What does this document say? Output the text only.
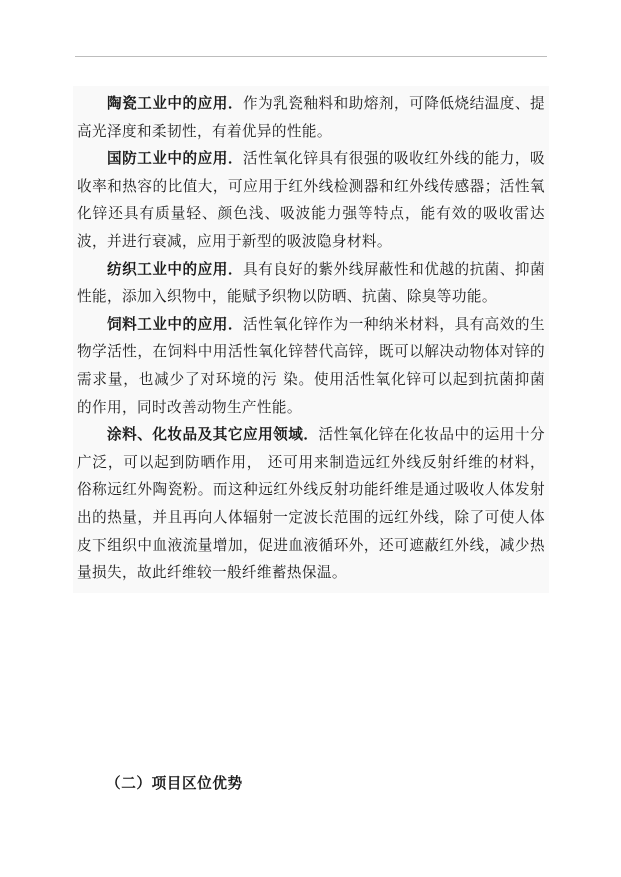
陶瓷工业中的应用．作为乳瓷釉料和助熔剂，可降低烧结温度、提高光泽度和柔韧性，有着优异的性能。

国防工业中的应用．活性氧化锌具有很强的吸收红外线的能力，吸收率和热容的比值大，可应用于红外线检测器和红外线传感器；活性氧化锌还具有质量轻、颜色浅、吸波能力强等特点，能有效的吸收雷达波，并进行衰减，应用于新型的吸波隐身材料。

纺织工业中的应用．具有良好的紫外线屏蔽性和优越的抗菌、抑菌性能，添加入织物中，能赋予织物以防晒、抗菌、除臭等功能。

饲料工业中的应用．活性氧化锌作为一种纳米材料，具有高效的生物学活性，在饲料中用活性氧化锌替代高锌，既可以解决动物体对锌的需求量，也减少了对环境的污 染。使用活性氧化锌可以起到抗菌抑菌的作用，同时改善动物生产性能。

涂料、化妆品及其它应用领域．活性氧化锌在化妆品中的运用十分广泛，可以起到防晒作用， 还可用来制造远红外线反射纤维的材料，俗称远红外陶瓷粉。而这种远红外线反射功能纤维是通过吸收人体发射出的热量，并且再向人体辐射一定波长范围的远红外线，除了可使人体皮下组织中血液流量增加，促进血液循环外，还可遮蔽红外线，减少热量损失，故此纤维较一般纤维蓄热保温。

（二）项目区位优势
